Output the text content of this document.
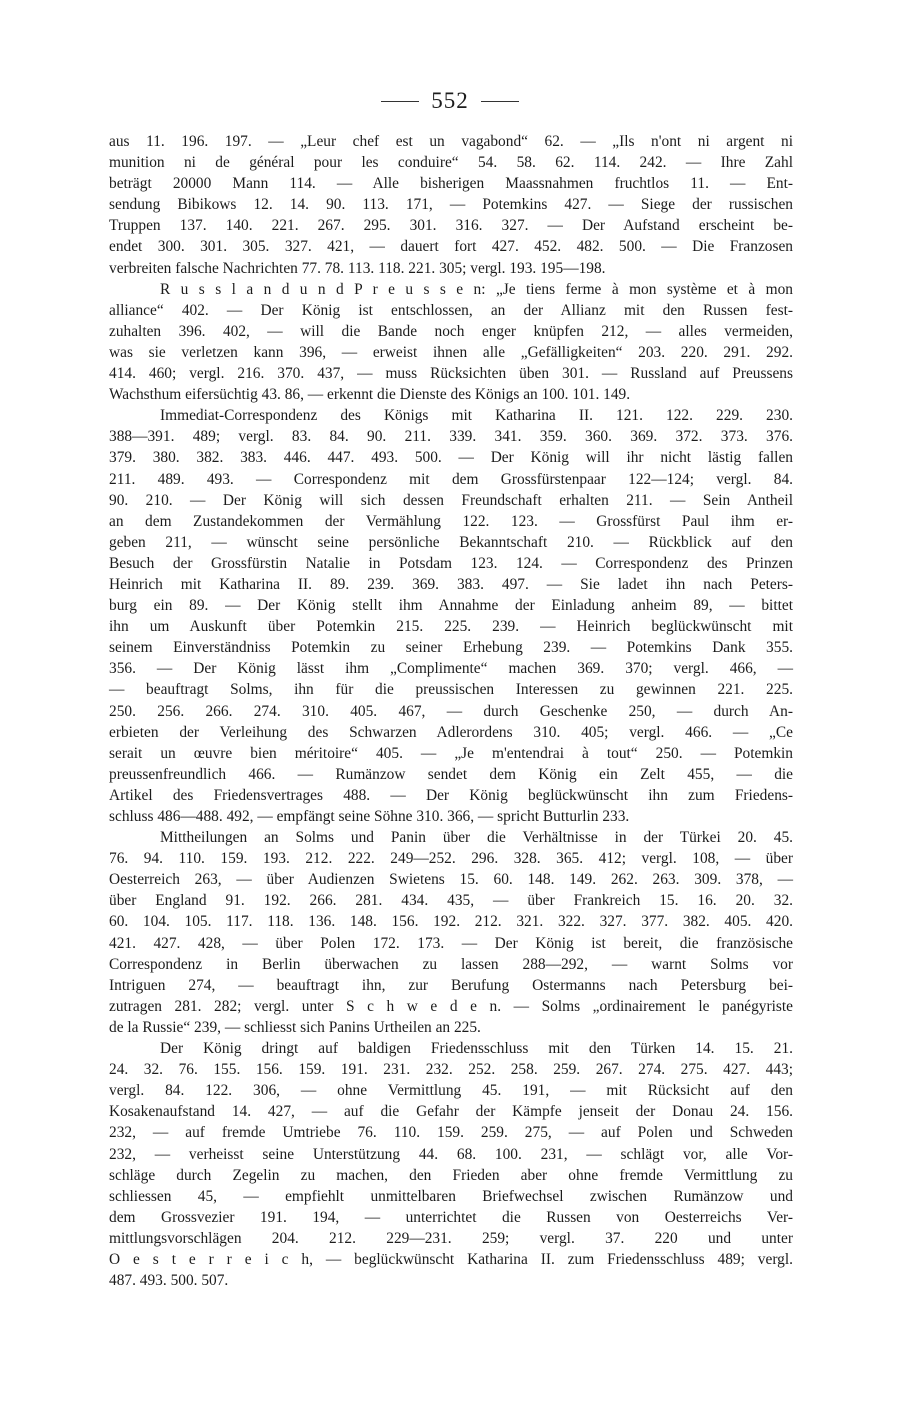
552
aus 11. 196. 197. — „Leur chef est un vagabond“ 62. — „Ils n'ont ni argent ni
munition ni de général pour les conduire“ 54. 58. 62. 114. 242. — Ihre Zahl
beträgt 20000 Mann 114. — Alle bisherigen Maassnahmen fruchtlos 11. — Ent-
sendung Bibikows 12. 14. 90. 113. 171, — Potemkins 427. — Siege der russischen
Truppen 137. 140. 221. 267. 295. 301. 316. 327. — Der Aufstand erscheint be-
endet 300. 301. 305. 327. 421, — dauert fort 427. 452. 482. 500. — Die Franzosen
verbreiten falsche Nachrichten 77. 78. 113. 118. 221. 305; vergl. 193. 195—198.
R u s s l a n d u n d P r e u s s e n: „Je tiens ferme à mon système et à mon
alliance“ 402. — Der König ist entschlossen, an der Allianz mit den Russen fest-
zuhalten 396. 402, — will die Bande noch enger knüpfen 212, — alles vermeiden,
was sie verletzen kann 396, — erweist ihnen alle „Gefälligkeiten“ 203. 220. 291. 292.
414. 460; vergl. 216. 370. 437, — muss Rücksichten üben 301. — Russland auf Preussens
Wachsthum eifersüchtig 43. 86, — erkennt die Dienste des Königs an 100. 101. 149.
Immediat-Correspondenz des Königs mit Katharina II. 121. 122. 229. 230.
388—391. 489; vergl. 83. 84. 90. 211. 339. 341. 359. 360. 369. 372. 373. 376.
379. 380. 382. 383. 446. 447. 493. 500. — Der König will ihr nicht lästig fallen
211. 489. 493. — Correspondenz mit dem Grossfürstenpaar 122—124; vergl. 84.
90. 210. — Der König will sich dessen Freundschaft erhalten 211. — Sein Antheil
an dem Zustandekommen der Vermählung 122. 123. — Grossfürst Paul ihm er-
geben 211, — wünscht seine persönliche Bekanntschaft 210. — Rückblick auf den
Besuch der Grossfürstin Natalie in Potsdam 123. 124. — Correspondenz des Prinzen
Heinrich mit Katharina II. 89. 239. 369. 383. 497. — Sie ladet ihn nach Peters-
burg ein 89. — Der König stellt ihm Annahme der Einladung anheim 89, — bittet
ihn um Auskunft über Potemkin 215. 225. 239. — Heinrich beglückwünscht mit
seinem Einverständniss Potemkin zu seiner Erhebung 239. — Potemkins Dank 355.
356. — Der König lässt ihm „Complimente“ machen 369. 370; vergl. 466, —
— beauftragt Solms, ihn für die preussischen Interessen zu gewinnen 221. 225.
250. 256. 266. 274. 310. 405. 467, — durch Geschenke 250, — durch An-
erbieten der Verleihung des Schwarzen Adlerordens 310. 405; vergl. 466. — „Ce
serait un œuvre bien méritoire“ 405. — „Je m'entendrai à tout“ 250. — Potemkin
preussenfreundlich 466. — Rumänzow sendet dem König ein Zelt 455, — die
Artikel des Friedensvertrages 488. — Der König beglückwünscht ihn zum Friedens-
schluss 486—488. 492, — empfängt seine Söhne 310. 366, — spricht Butturlin 233.
Mittheilungen an Solms und Panin über die Verhältnisse in der Türkei 20. 45.
76. 94. 110. 159. 193. 212. 222. 249—252. 296. 328. 365. 412; vergl. 108, — über
Oesterreich 263, — über Audienzen Swietens 15. 60. 148. 149. 262. 263. 309. 378, —
über England 91. 192. 266. 281. 434. 435, — über Frankreich 15. 16. 20. 32.
60. 104. 105. 117. 118. 136. 148. 156. 192. 212. 321. 322. 327. 377. 382. 405. 420.
421. 427. 428, — über Polen 172. 173. — Der König ist bereit, die französische
Correspondenz in Berlin überwachen zu lassen 288—292, — warnt Solms vor
Intriguen 274, — beauftragt ihn, zur Berufung Ostermanns nach Petersburg bei-
zutragen 281. 282; vergl. unter S c h w e d e n. — Solms „ordinairement le panégyriste
de la Russie“ 239, — schliesst sich Panins Urtheilen an 225.
Der König dringt auf baldigen Friedensschluss mit den Türken 14. 15. 21.
24. 32. 76. 155. 156. 159. 191. 231. 232. 252. 258. 259. 267. 274. 275. 427. 443;
vergl. 84. 122. 306, — ohne Vermittlung 45. 191, — mit Rücksicht auf den
Kosakenaufstand 14. 427, — auf die Gefahr der Kämpfe jenseit der Donau 24. 156.
232, — auf fremde Umtriebe 76. 110. 159. 259. 275, — auf Polen und Schweden
232, — verheisst seine Unterstützung 44. 68. 100. 231, — schlägt vor, alle Vor-
schläge durch Zegelin zu machen, den Frieden aber ohne fremde Vermittlung zu
schliessen 45, — empfiehlt unmittelbaren Briefwechsel zwischen Rumänzow und
dem Grossvezier 191. 194, — unterrichtet die Russen von Oesterreichs Ver-
mittlungsvorschlägen 204. 212. 229—231. 259; vergl. 37. 220 und unter
O e s t e r r e i c h, — beglückwünscht Katharina II. zum Friedensschluss 489; vergl.
487. 493. 500. 507.
